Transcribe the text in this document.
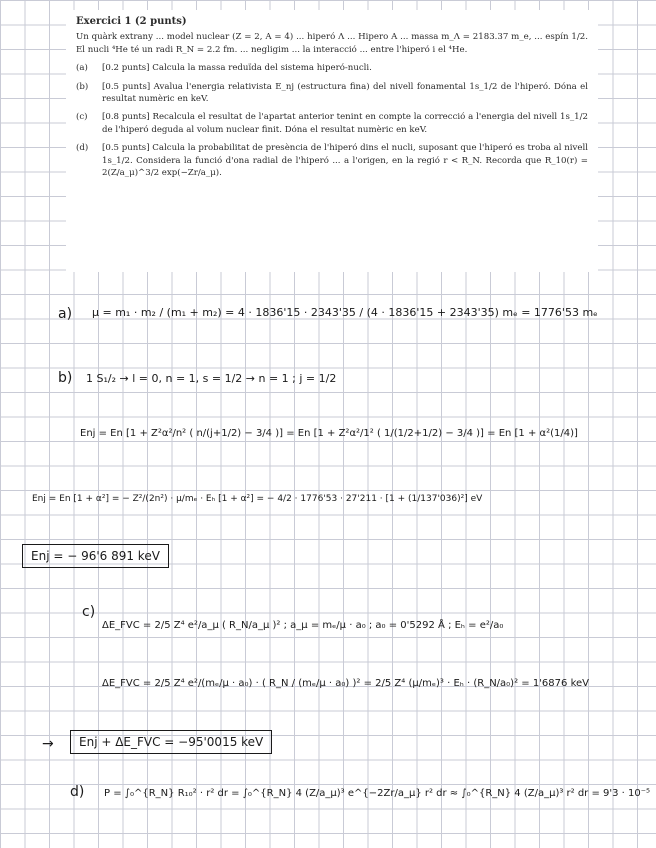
Exercici 1 (2 punts)
Un quàrk extrany ... model nuclear (Z = 2, A = 4) ... hiperó Λ ... Hipero A ... massa m_Λ = 2183.37 m_e, ... espín 1/2. El nucli ⁴He té un radi R_N = 2.2 fm. ... negligim ... la interacció ... entre l'hiperó i el ⁴He.
(a)	[0.2 punts] Calcula la massa reduïda del sistema hiperó-nucli.
(b)	[0.5 punts] Avalua l'energia relativista E_nj (estructura fina) del nivell fonamental 1s_1/2 de l'hiperó. Dóna el resultat numèric en keV.
(c)	[0.8 punts] Recalcula el resultat de l'apartat anterior tenint en compte la correcció a l'energia del nivell 1s_1/2 de l'hiperó deguda al volum nuclear finit. Dóna el resultat numèric en keV.
(d)	[0.5 punts] Calcula la probabilitat de presència de l'hiperó dins el nucli, suposant que l'hiperó es troba al nivell 1s_1/2. Considera la funció d'ona radial de l'hiperó ... a l'origen, en la regió r < R_N. Recorda que R_10(r) = 2(Z/a_μ)^3/2 exp(−Zr/a_μ).
a) μ = m₁ · m₂ / (m₁ + m₂) = 4 · 1836'15 · 2343'35 / (4 · 1836'15 + 2343'35) mₑ = 1776'53 mₑ
b) 1 S₁/₂ → l = 0, n = 1, s = 1/2 → n = 1 ; j = 1/2
Enj = En [1 + Z²α²/n² ( n/(j+1/2) − 3/4 )] = En [1 + Z²α²/1² ( 1/(1/2+1/2) − 3/4 )] = En [1 + α²(1/4)]
Enj = En [1 + α²] = − Z²/(2n²) · μ/mₑ · Eₕ [1 + α²] = − 4/2 · 1776'53 · 27'211 · [1 + (1/137'036)²] eV
Enj = − 96'6 891 keV
c)
ΔE_FVC = 2/5 Z⁴ e²/a_μ ( R_N/a_μ )² ; a_μ = mₑ/μ · a₀ ; a₀ = 0'5292 Å ; Eₕ = e²/a₀
ΔE_FVC = 2/5 Z⁴ e²/(mₑ/μ · a₀) · ( R_N / (mₑ/μ · a₀) )² = 2/5 Z⁴ (μ/mₑ)³ · Eₕ · (R_N/a₀)² = 1'6876 keV
→	Enj + ΔE_FVC = −95'0015 keV
d) P = ∫₀^{R_N} R₁₀² · r² dr = ∫₀^{R_N} 4 (Z/a_μ)³ e^{−2Zr/a_μ} r² dr ≈ ∫₀^{R_N} 4 (Z/a_μ)³ r² dr = 9'3 · 10⁻⁵
